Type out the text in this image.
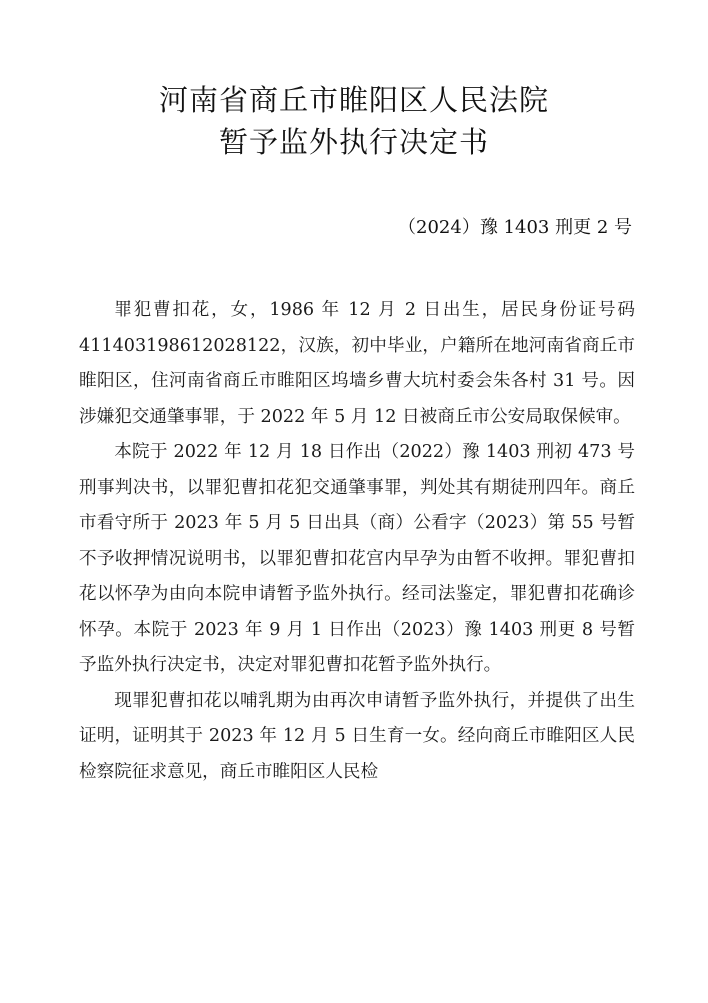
河南省商丘市睢阳区人民法院
暂予监外执行决定书
（2024）豫 1403 刑更 2 号

罪犯曹扣花，女，1986 年 12 月 2 日出生，居民身份证号码 411403198612028122，汉族，初中毕业，户籍所在地河南省商丘市睢阳区，住河南省商丘市睢阳区坞墙乡曹大坑村委会朱各村 31 号。因涉嫌犯交通肇事罪，于 2022 年 5 月 12 日被商丘市公安局取保候审。

本院于 2022 年 12 月 18 日作出（2022）豫 1403 刑初 473 号刑事判决书，以罪犯曹扣花犯交通肇事罪，判处其有期徒刑四年。商丘市看守所于 2023 年 5 月 5 日出具（商）公看字（2023）第 55 号暂不予收押情况说明书，以罪犯曹扣花宫内早孕为由暂不收押。罪犯曹扣花以怀孕为由向本院申请暂予监外执行。经司法鉴定，罪犯曹扣花确诊怀孕。本院于 2023 年 9 月 1 日作出（2023）豫 1403 刑更 8 号暂予监外执行决定书，决定对罪犯曹扣花暂予监外执行。

现罪犯曹扣花以哺乳期为由再次申请暂予监外执行，并提供了出生证明，证明其于 2023 年 12 月 5 日生育一女。经向商丘市睢阳区人民检察院征求意见，商丘市睢阳区人民检
